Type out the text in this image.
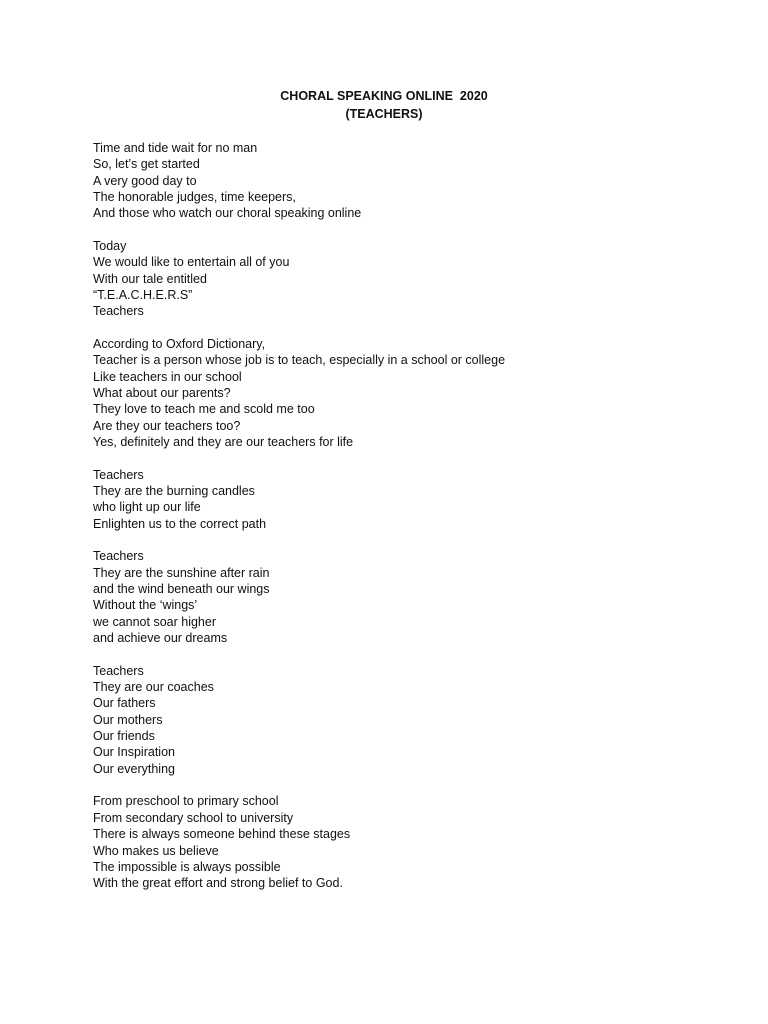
CHORAL SPEAKING ONLINE  2020
(TEACHERS)
Time and tide wait for no man
So, let’s get started
A very good day to
The honorable judges, time keepers,
And those who watch our choral speaking online
Today
We would like to entertain all of you
With our tale entitled
“T.E.A.C.H.E.R.S”
Teachers
According to Oxford Dictionary,
Teacher is a person whose job is to teach, especially in a school or college
Like teachers in our school
What about our parents?
They love to teach me and scold me too
Are they our teachers too?
Yes, definitely and they are our teachers for life
Teachers
They are the burning candles
who light up our life
Enlighten us to the correct path
Teachers
They are the sunshine after rain
and the wind beneath our wings
Without the ‘wings’
we cannot soar higher
and achieve our dreams
Teachers
They are our coaches
Our fathers
Our mothers
Our friends
Our Inspiration
Our everything
From preschool to primary school
From secondary school to university
There is always someone behind these stages
Who makes us believe
The impossible is always possible
With the great effort and strong belief to God.
